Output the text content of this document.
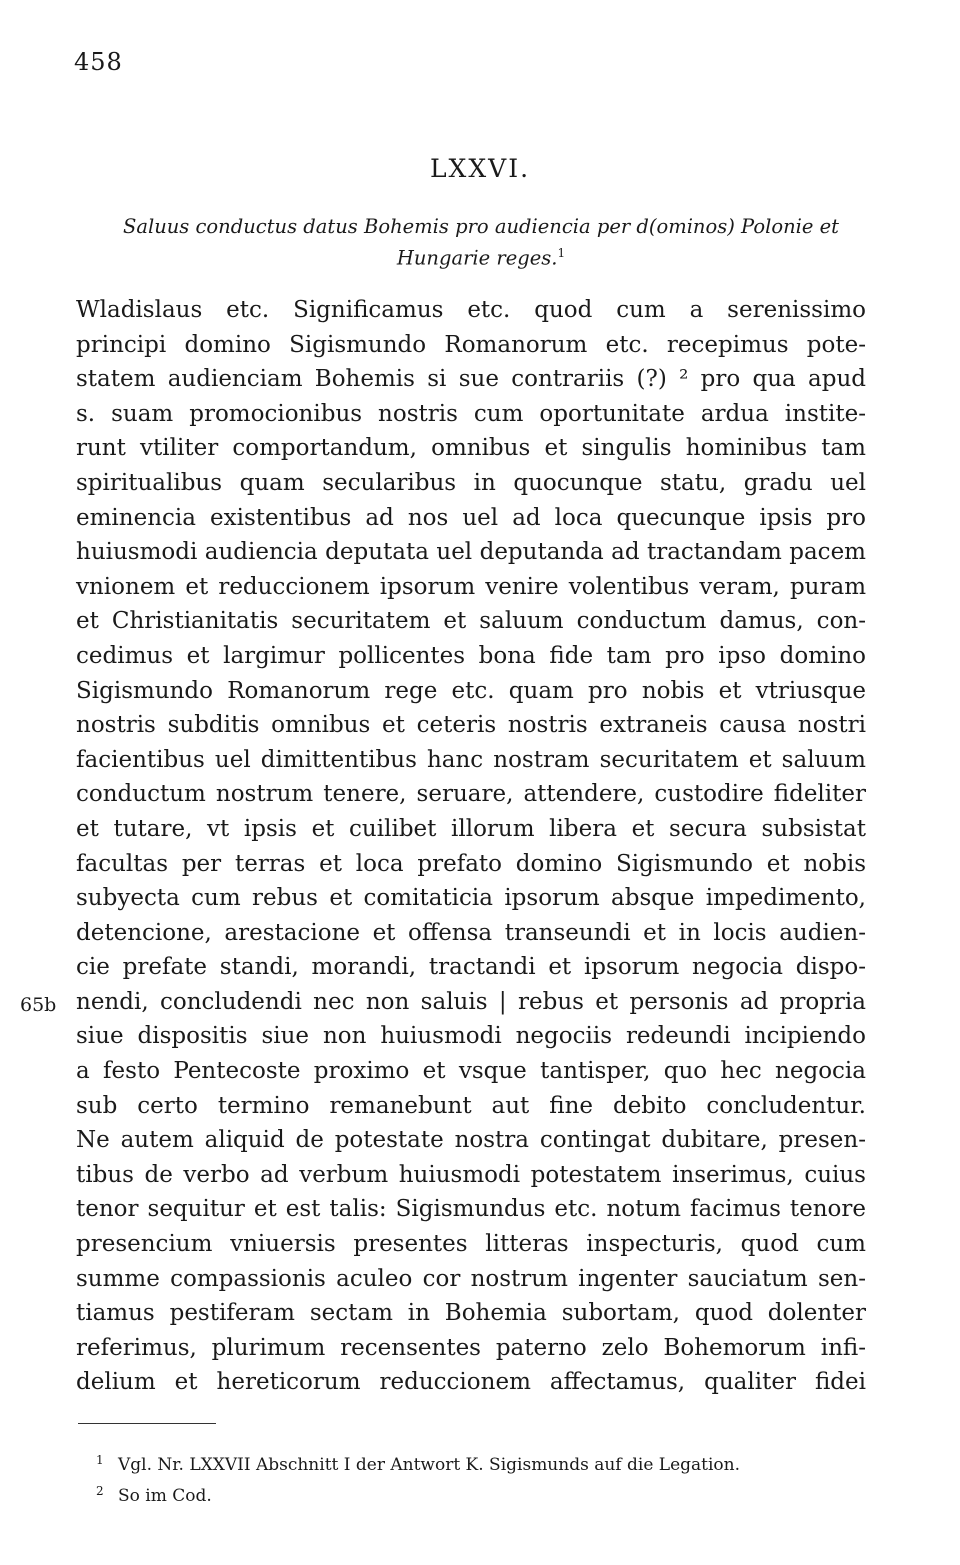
458
LXXVI.

Saluus conductus datus Bohemis pro audiencia per d(ominos) Polonie et Hungarie reges.$^1$

65b
Wladislaus etc. Significamus etc. quod cum a serenissimo
principi domino Sigismundo Romanorum etc. recepimus pote-
statem audienciam Bohemis si sue contrariis (?) ² pro qua apud
s. suam promocionibus nostris cum oportunitate ardua institе-
runt vtiliter comportandum, omnibus et singulis hominibus tam
spiritualibus quam secularibus in quocunque statu, gradu uel
eminencia existentibus ad nos uel ad loca quecunque ipsis pro
huiusmodi audiencia deputata uel deputanda ad tractandam pacem
vnionem et reduccionem ipsorum venire volentibus veram, puram
et Christianitatis securitatem et saluum conductum damus, con-
cedimus et largimur pollicentes bona fide tam pro ipso domino
Sigismundo Romanorum rege etc. quam pro nobis et vtriusque
nostris subditis omnibus et ceteris nostris extraneis causa nostri
facientibus uel dimittentibus hanc nostram securitatem et saluum
conductum nostrum tenere, seruare, attendere, custodire fideliter
et tutare, vt ipsis et cuilibet illorum libera et secura subsistat
facultas per terras et loca prefato domino Sigismundo et nobis
subyecta cum rebus et comitaticia ipsorum absque impedimento,
detencione, arestacione et offensa transeundi et in locis audien-
cie prefate standi, morandi, tractandi et ipsorum negocia dispo-
nendi, concludendi nec non saluis | rebus et personis ad propria
siue dispositis siue non huiusmodi negociis redeundi incipiendo
a festo Pentecoste proximo et vsque tantisper, quo hec negocia
sub certo termino remanebunt aut fine debito concludentur.
Ne autem aliquid de potestate nostra contingat dubitare, presen-
tibus de verbo ad verbum huiusmodi potestatem inserimus, cuius
tenor sequitur et est talis: Sigismundus etc. notum facimus tenore
presencium vniuersis presentes litteras inspecturis, quod cum
summe compassionis aculeo cor nostrum ingenter sauciatum sen-
tiamus pestiferam sectam in Bohemia subortam, quod dolenter
referimus, plurimum recensentes paterno zelo Bohemorum infi-
delium et hereticorum reduccionem affectamus, qualiter fidei
1 Vgl. Nr. LXXVII Abschnitt I der Antwort K. Sigismunds auf die Legation.
2 So im Cod.
